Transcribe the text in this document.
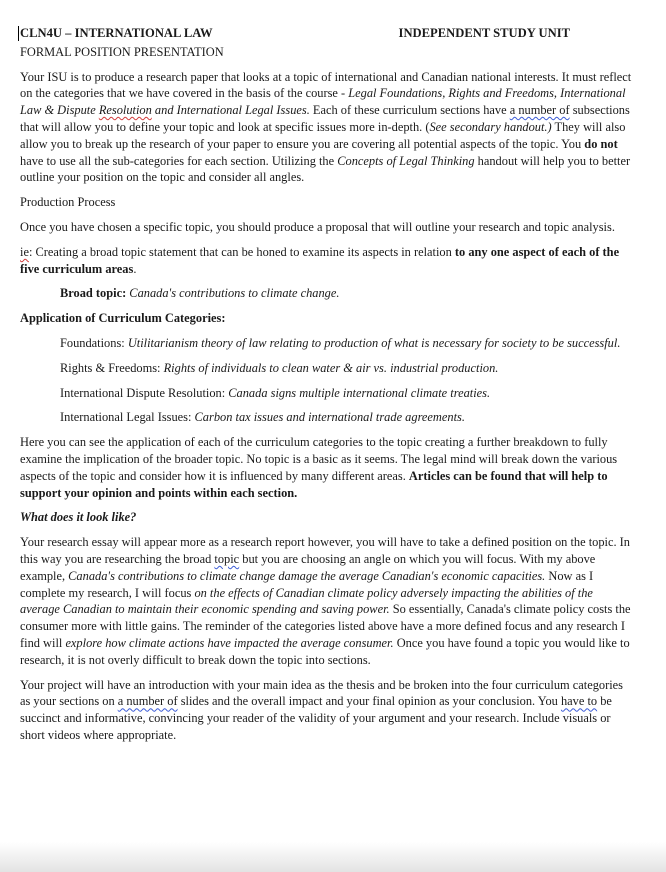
CLN4U – INTERNATIONAL LAW	INDEPENDENT STUDY UNIT

FORMAL POSITION PRESENTATION

Your ISU is to produce a research paper that looks at a topic of international and Canadian national interests. It must reflect on the categories that we have covered in the basis of the course - Legal Foundations, Rights and Freedoms, International Law & Dispute Resolution and International Legal Issues. Each of these curriculum sections have a number of subsections that will allow you to define your topic and look at specific issues more in-depth. (See secondary handout.) They will also allow you to break up the research of your paper to ensure you are covering all potential aspects of the topic. You do not have to use all the sub-categories for each section. Utilizing the Concepts of Legal Thinking handout will help you to better outline your position on the topic and consider all angles.

Production Process

Once you have chosen a specific topic, you should produce a proposal that will outline your research and topic analysis.

ie: Creating a broad topic statement that can be honed to examine its aspects in relation to any one aspect of each of the five curriculum areas.

Broad topic: Canada's contributions to climate change.

Application of Curriculum Categories:

Foundations: Utilitarianism theory of law relating to production of what is necessary for society to be successful.

Rights & Freedoms: Rights of individuals to clean water & air vs. industrial production.

International Dispute Resolution: Canada signs multiple international climate treaties.

International Legal Issues: Carbon tax issues and international trade agreements.

Here you can see the application of each of the curriculum categories to the topic creating a further breakdown to fully examine the implication of the broader topic. No topic is a basic as it seems. The legal mind will break down the various aspects of the topic and consider how it is influenced by many different areas. Articles can be found that will help to support your opinion and points within each section.

What does it look like?

Your research essay will appear more as a research report however, you will have to take a defined position on the topic. In this way you are researching the broad topic but you are choosing an angle on which you will focus. With my above example, Canada's contributions to climate change damage the average Canadian's economic capacities. Now as I complete my research, I will focus on the effects of Canadian climate policy adversely impacting the abilities of the average Canadian to maintain their economic spending and saving power. So essentially, Canada's climate policy costs the consumer more with little gains. The reminder of the categories listed above have a more defined focus and any research I find will explore how climate actions have impacted the average consumer. Once you have found a topic you would like to research, it is not overly difficult to break down the topic into sections.

Your project will have an introduction with your main idea as the thesis and be broken into the four curriculum categories as your sections on a number of slides and the overall impact and your final opinion as your conclusion. You have to be succinct and informative, convincing your reader of the validity of your argument and your research. Include visuals or short videos where appropriate.
